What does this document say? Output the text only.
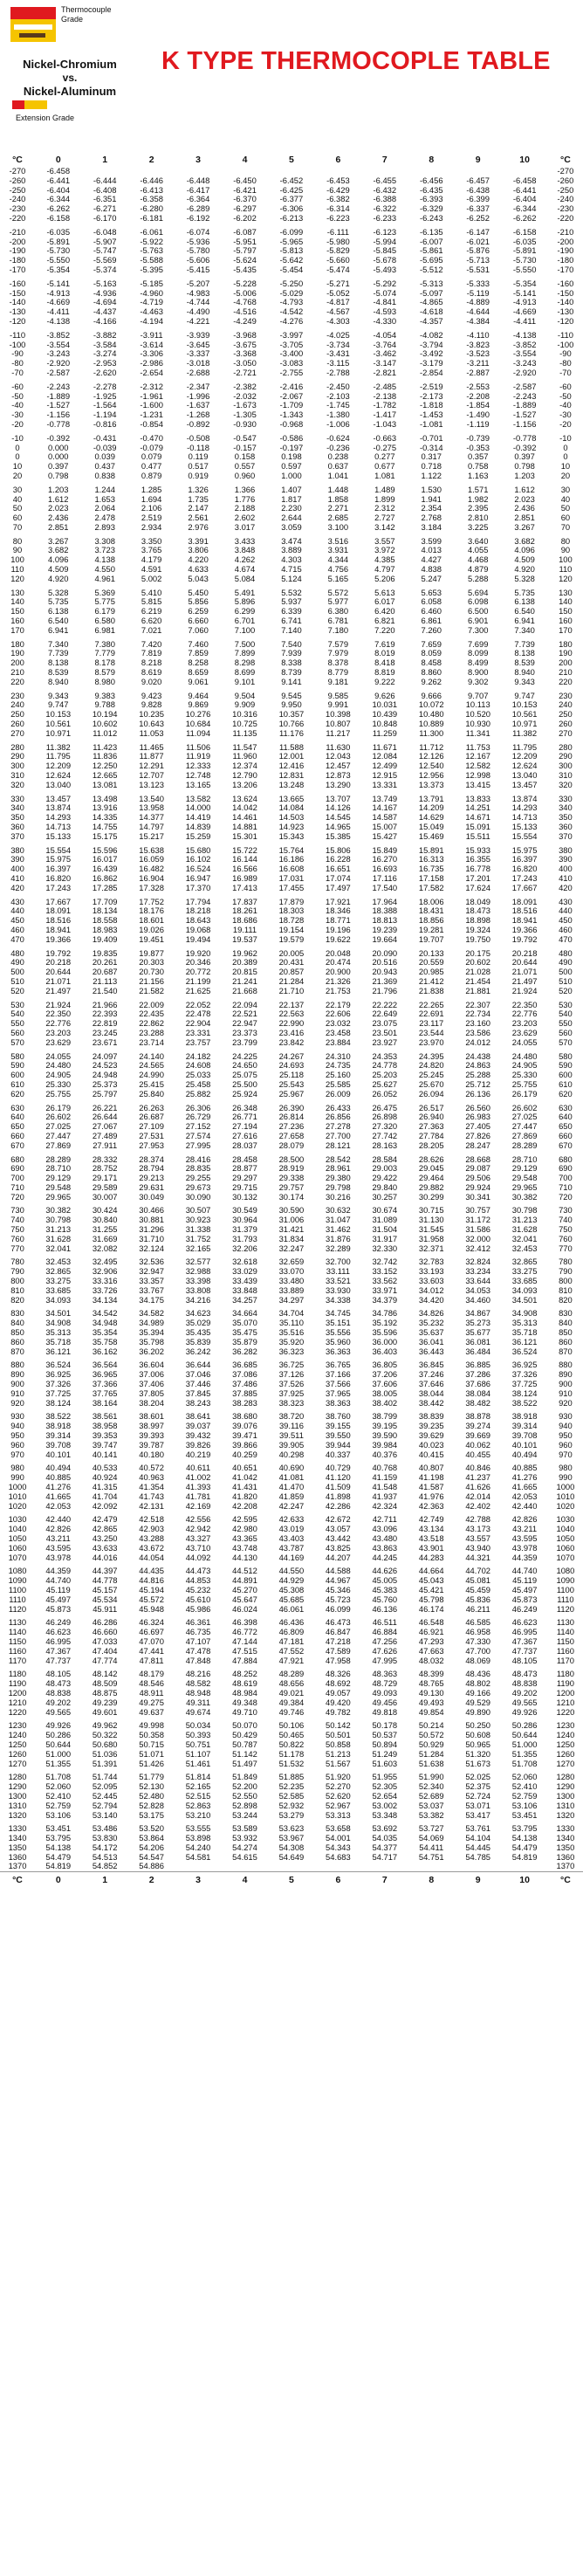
Thermocouple Grade
Nickel-Chromium
vs.
Nickel-Aluminum
Extension Grade
K TYPE THERMOCOPLE TABLE
°C	0	1	2	3	4	5	6	7	8	9	10	°C
-270	-6.458											-270
-260	-6.441	-6.444	-6.446	-6.448	-6.450	-6.452	-6.453	-6.455	-6.456	-6.457	-6.458	-260
-250	-6.404	-6.408	-6.413	-6.417	-6.421	-6.425	-6.429	-6.432	-6.435	-6.438	-6.441	-250
-240	-6.344	-6.351	-6.358	-6.364	-6.370	-6.377	-6.382	-6.388	-6.393	-6.399	-6.404	-240
-230	-6.262	-6.271	-6.280	-6.289	-6.297	-6.306	-6.314	-6.322	-6.329	-6.337	-6.344	-230
-220	-6.158	-6.170	-6.181	-6.192	-6.202	-6.213	-6.223	-6.233	-6.243	-6.252	-6.262	-220
-210	-6.035	-6.048	-6.061	-6.074	-6.087	-6.099	-6.111	-6.123	-6.135	-6.147	-6.158	-210
-200	-5.891	-5.907	-5.922	-5.936	-5.951	-5.965	-5.980	-5.994	-6.007	-6.021	-6.035	-200
-190	-5.730	-5.747	-5.763	-5.780	-5.797	-5.813	-5.829	-5.845	-5.861	-5.876	-5.891	-190
-180	-5.550	-5.569	-5.588	-5.606	-5.624	-5.642	-5.660	-5.678	-5.695	-5.713	-5.730	-180
-170	-5.354	-5.374	-5.395	-5.415	-5.435	-5.454	-5.474	-5.493	-5.512	-5.531	-5.550	-170
-160	-5.141	-5.163	-5.185	-5.207	-5.228	-5.250	-5.271	-5.292	-5.313	-5.333	-5.354	-160
-150	-4.913	-4.936	-4.960	-4.983	-5.006	-5.029	-5.052	-5.074	-5.097	-5.119	-5.141	-150
-140	-4.669	-4.694	-4.719	-4.744	-4.768	-4.793	-4.817	-4.841	-4.865	-4.889	-4.913	-140
-130	-4.411	-4.437	-4.463	-4.490	-4.516	-4.542	-4.567	-4.593	-4.618	-4.644	-4.669	-130
-120	-4.138	-4.166	-4.194	-4.221	-4.249	-4.276	-4.303	-4.330	-4.357	-4.384	-4.411	-120
-110	-3.852	-3.882	-3.911	-3.939	-3.968	-3.997	-4.025	-4.054	-4.082	-4.110	-4.138	-110
-100	-3.554	-3.584	-3.614	-3.645	-3.675	-3.705	-3.734	-3.764	-3.794	-3.823	-3.852	-100
-90	-3.243	-3.274	-3.306	-3.337	-3.368	-3.400	-3.431	-3.462	-3.492	-3.523	-3.554	-90
-80	-2.920	-2.953	-2.986	-3.018	-3.050	-3.083	-3.115	-3.147	-3.179	-3.211	-3.243	-80
-70	-2.587	-2.620	-2.654	-2.688	-2.721	-2.755	-2.788	-2.821	-2.854	-2.887	-2.920	-70
-60	-2.243	-2.278	-2.312	-2.347	-2.382	-2.416	-2.450	-2.485	-2.519	-2.553	-2.587	-60
-50	-1.889	-1.925	-1.961	-1.996	-2.032	-2.067	-2.103	-2.138	-2.173	-2.208	-2.243	-50
-40	-1.527	-1.564	-1.600	-1.637	-1.673	-1.709	-1.745	-1.782	-1.818	-1.854	-1.889	-40
-30	-1.156	-1.194	-1.231	-1.268	-1.305	-1.343	-1.380	-1.417	-1.453	-1.490	-1.527	-30
-20	-0.778	-0.816	-0.854	-0.892	-0.930	-0.968	-1.006	-1.043	-1.081	-1.119	-1.156	-20
-10	-0.392	-0.431	-0.470	-0.508	-0.547	-0.586	-0.624	-0.663	-0.701	-0.739	-0.778	-10
0	0.000	-0.039	-0.079	-0.118	-0.157	-0.197	-0.236	-0.275	-0.314	-0.353	-0.392	0
0	0.000	0.039	0.079	0.119	0.158	0.198	0.238	0.277	0.317	0.357	0.397	0
10	0.397	0.437	0.477	0.517	0.557	0.597	0.637	0.677	0.718	0.758	0.798	10
20	0.798	0.838	0.879	0.919	0.960	1.000	1.041	1.081	1.122	1.163	1.203	20
30	1.203	1.244	1.285	1.326	1.366	1.407	1.448	1.489	1.530	1.571	1.612	30
40	1.612	1.653	1.694	1.735	1.776	1.817	1.858	1.899	1.941	1.982	2.023	40
50	2.023	2.064	2.106	2.147	2.188	2.230	2.271	2.312	2.354	2.395	2.436	50
60	2.436	2.478	2.519	2.561	2.602	2.644	2.685	2.727	2.768	2.810	2.851	60
70	2.851	2.893	2.934	2.976	3.017	3.059	3.100	3.142	3.184	3.225	3.267	70
80	3.267	3.308	3.350	3.391	3.433	3.474	3.516	3.557	3.599	3.640	3.682	80
90	3.682	3.723	3.765	3.806	3.848	3.889	3.931	3.972	4.013	4.055	4.096	90
100	4.096	4.138	4.179	4.220	4.262	4.303	4.344	4.385	4.427	4.468	4.509	100
110	4.509	4.550	4.591	4.633	4.674	4.715	4.756	4.797	4.838	4.879	4.920	110
120	4.920	4.961	5.002	5.043	5.084	5.124	5.165	5.206	5.247	5.288	5.328	120
130	5.328	5.369	5.410	5.450	5.491	5.532	5.572	5.613	5.653	5.694	5.735	130
140	5.735	5.775	5.815	5.856	5.896	5.937	5.977	6.017	6.058	6.098	6.138	140
150	6.138	6.179	6.219	6.259	6.299	6.339	6.380	6.420	6.460	6.500	6.540	150
160	6.540	6.580	6.620	6.660	6.701	6.741	6.781	6.821	6.861	6.901	6.941	160
170	6.941	6.981	7.021	7.060	7.100	7.140	7.180	7.220	7.260	7.300	7.340	170
180	7.340	7.380	7.420	7.460	7.500	7.540	7.579	7.619	7.659	7.699	7.739	180
190	7.739	7.779	7.819	7.859	7.899	7.939	7.979	8.019	8.059	8.099	8.138	190
200	8.138	8.178	8.218	8.258	8.298	8.338	8.378	8.418	8.458	8.499	8.539	200
210	8.539	8.579	8.619	8.659	8.699	8.739	8.779	8.819	8.860	8.900	8.940	210
220	8.940	8.980	9.020	9.061	9.101	9.141	9.181	9.222	9.262	9.302	9.343	220
230	9.343	9.383	9.423	9.464	9.504	9.545	9.585	9.626	9.666	9.707	9.747	230
240	9.747	9.788	9.828	9.869	9.909	9.950	9.991	10.031	10.072	10.113	10.153	240
250	10.153	10.194	10.235	10.276	10.316	10.357	10.398	10.439	10.480	10.520	10.561	250
260	10.561	10.602	10.643	10.684	10.725	10.766	10.807	10.848	10.889	10.930	10.971	260
270	10.971	11.012	11.053	11.094	11.135	11.176	11.217	11.259	11.300	11.341	11.382	270
280	11.382	11.423	11.465	11.506	11.547	11.588	11.630	11.671	11.712	11.753	11.795	280
290	11.795	11.836	11.877	11.919	11.960	12.001	12.043	12.084	12.126	12.167	12.209	290
300	12.209	12.250	12.291	12.333	12.374	12.416	12.457	12.499	12.540	12.582	12.624	300
310	12.624	12.665	12.707	12.748	12.790	12.831	12.873	12.915	12.956	12.998	13.040	310
320	13.040	13.081	13.123	13.165	13.206	13.248	13.290	13.331	13.373	13.415	13.457	320
330	13.457	13.498	13.540	13.582	13.624	13.665	13.707	13.749	13.791	13.833	13.874	330
340	13.874	13.916	13.958	14.000	14.042	14.084	14.126	14.167	14.209	14.251	14.293	340
350	14.293	14.335	14.377	14.419	14.461	14.503	14.545	14.587	14.629	14.671	14.713	350
360	14.713	14.755	14.797	14.839	14.881	14.923	14.965	15.007	15.049	15.091	15.133	360
370	15.133	15.175	15.217	15.259	15.301	15.343	15.385	15.427	15.469	15.511	15.554	370
380	15.554	15.596	15.638	15.680	15.722	15.764	15.806	15.849	15.891	15.933	15.975	380
390	15.975	16.017	16.059	16.102	16.144	16.186	16.228	16.270	16.313	16.355	16.397	390
400	16.397	16.439	16.482	16.524	16.566	16.608	16.651	16.693	16.735	16.778	16.820	400
410	16.820	16.862	16.904	16.947	16.989	17.031	17.074	17.116	17.158	17.201	17.243	410
420	17.243	17.285	17.328	17.370	17.413	17.455	17.497	17.540	17.582	17.624	17.667	420
430	17.667	17.709	17.752	17.794	17.837	17.879	17.921	17.964	18.006	18.049	18.091	430
440	18.091	18.134	18.176	18.218	18.261	18.303	18.346	18.388	18.431	18.473	18.516	440
450	18.516	18.558	18.601	18.643	18.686	18.728	18.771	18.813	18.856	18.898	18.941	450
460	18.941	18.983	19.026	19.068	19.111	19.154	19.196	19.239	19.281	19.324	19.366	460
470	19.366	19.409	19.451	19.494	19.537	19.579	19.622	19.664	19.707	19.750	19.792	470
480	19.792	19.835	19.877	19.920	19.962	20.005	20.048	20.090	20.133	20.175	20.218	480
490	20.218	20.261	20.303	20.346	20.389	20.431	20.474	20.516	20.559	20.602	20.644	490
500	20.644	20.687	20.730	20.772	20.815	20.857	20.900	20.943	20.985	21.028	21.071	500
510	21.071	21.113	21.156	21.199	21.241	21.284	21.326	21.369	21.412	21.454	21.497	510
520	21.497	21.540	21.582	21.625	21.668	21.710	21.753	21.796	21.838	21.881	21.924	520
530	21.924	21.966	22.009	22.052	22.094	22.137	22.179	22.222	22.265	22.307	22.350	530
540	22.350	22.393	22.435	22.478	22.521	22.563	22.606	22.649	22.691	22.734	22.776	540
550	22.776	22.819	22.862	22.904	22.947	22.990	23.032	23.075	23.117	23.160	23.203	550
560	23.203	23.245	23.288	23.331	23.373	23.416	23.458	23.501	23.544	23.586	23.629	560
570	23.629	23.671	23.714	23.757	23.799	23.842	23.884	23.927	23.970	24.012	24.055	570
580	24.055	24.097	24.140	24.182	24.225	24.267	24.310	24.353	24.395	24.438	24.480	580
590	24.480	24.523	24.565	24.608	24.650	24.693	24.735	24.778	24.820	24.863	24.905	590
600	24.905	24.948	24.990	25.033	25.075	25.118	25.160	25.203	25.245	25.288	25.330	600
610	25.330	25.373	25.415	25.458	25.500	25.543	25.585	25.627	25.670	25.712	25.755	610
620	25.755	25.797	25.840	25.882	25.924	25.967	26.009	26.052	26.094	26.136	26.179	620
630	26.179	26.221	26.263	26.306	26.348	26.390	26.433	26.475	26.517	26.560	26.602	630
640	26.602	26.644	26.687	26.729	26.771	26.814	26.856	26.898	26.940	26.983	27.025	640
650	27.025	27.067	27.109	27.152	27.194	27.236	27.278	27.320	27.363	27.405	27.447	650
660	27.447	27.489	27.531	27.574	27.616	27.658	27.700	27.742	27.784	27.826	27.869	660
670	27.869	27.911	27.953	27.995	28.037	28.079	28.121	28.163	28.205	28.247	28.289	670
680	28.289	28.332	28.374	28.416	28.458	28.500	28.542	28.584	28.626	28.668	28.710	680
690	28.710	28.752	28.794	28.835	28.877	28.919	28.961	29.003	29.045	29.087	29.129	690
700	29.129	29.171	29.213	29.255	29.297	29.338	29.380	29.422	29.464	29.506	29.548	700
710	29.548	29.589	29.631	29.673	29.715	29.757	29.798	29.840	29.882	29.924	29.965	710
720	29.965	30.007	30.049	30.090	30.132	30.174	30.216	30.257	30.299	30.341	30.382	720
730	30.382	30.424	30.466	30.507	30.549	30.590	30.632	30.674	30.715	30.757	30.798	730
740	30.798	30.840	30.881	30.923	30.964	31.006	31.047	31.089	31.130	31.172	31.213	740
750	31.213	31.255	31.296	31.338	31.379	31.421	31.462	31.504	31.545	31.586	31.628	750
760	31.628	31.669	31.710	31.752	31.793	31.834	31.876	31.917	31.958	32.000	32.041	760
770	32.041	32.082	32.124	32.165	32.206	32.247	32.289	32.330	32.371	32.412	32.453	770
780	32.453	32.495	32.536	32.577	32.618	32.659	32.700	32.742	32.783	32.824	32.865	780
790	32.865	32.906	32.947	32.988	33.029	33.070	33.111	33.152	33.193	33.234	33.275	790
800	33.275	33.316	33.357	33.398	33.439	33.480	33.521	33.562	33.603	33.644	33.685	800
810	33.685	33.726	33.767	33.808	33.848	33.889	33.930	33.971	34.012	34.053	34.093	810
820	34.093	34.134	34.175	34.216	34.257	34.297	34.338	34.379	34.420	34.460	34.501	820
830	34.501	34.542	34.582	34.623	34.664	34.704	34.745	34.786	34.826	34.867	34.908	830
840	34.908	34.948	34.989	35.029	35.070	35.110	35.151	35.192	35.232	35.273	35.313	840
850	35.313	35.354	35.394	35.435	35.475	35.516	35.556	35.596	35.637	35.677	35.718	850
860	35.718	35.758	35.798	35.839	35.879	35.920	35.960	36.000	36.041	36.081	36.121	860
870	36.121	36.162	36.202	36.242	36.282	36.323	36.363	36.403	36.443	36.484	36.524	870
880	36.524	36.564	36.604	36.644	36.685	36.725	36.765	36.805	36.845	36.885	36.925	880
890	36.925	36.965	37.006	37.046	37.086	37.126	37.166	37.206	37.246	37.286	37.326	890
900	37.326	37.366	37.406	37.446	37.486	37.526	37.566	37.606	37.646	37.686	37.725	900
910	37.725	37.765	37.805	37.845	37.885	37.925	37.965	38.005	38.044	38.084	38.124	910
920	38.124	38.164	38.204	38.243	38.283	38.323	38.363	38.402	38.442	38.482	38.522	920
930	38.522	38.561	38.601	38.641	38.680	38.720	38.760	38.799	38.839	38.878	38.918	930
940	38.918	38.958	38.997	39.037	39.076	39.116	39.155	39.195	39.235	39.274	39.314	940
950	39.314	39.353	39.393	39.432	39.471	39.511	39.550	39.590	39.629	39.669	39.708	950
960	39.708	39.747	39.787	39.826	39.866	39.905	39.944	39.984	40.023	40.062	40.101	960
970	40.101	40.141	40.180	40.219	40.259	40.298	40.337	40.376	40.415	40.455	40.494	970
980	40.494	40.533	40.572	40.611	40.651	40.690	40.729	40.768	40.807	40.846	40.885	980
990	40.885	40.924	40.963	41.002	41.042	41.081	41.120	41.159	41.198	41.237	41.276	990
1000	41.276	41.315	41.354	41.393	41.431	41.470	41.509	41.548	41.587	41.626	41.665	1000
1010	41.665	41.704	41.743	41.781	41.820	41.859	41.898	41.937	41.976	42.014	42.053	1010
1020	42.053	42.092	42.131	42.169	42.208	42.247	42.286	42.324	42.363	42.402	42.440	1020
1030	42.440	42.479	42.518	42.556	42.595	42.633	42.672	42.711	42.749	42.788	42.826	1030
1040	42.826	42.865	42.903	42.942	42.980	43.019	43.057	43.096	43.134	43.173	43.211	1040
1050	43.211	43.250	43.288	43.327	43.365	43.403	43.442	43.480	43.518	43.557	43.595	1050
1060	43.595	43.633	43.672	43.710	43.748	43.787	43.825	43.863	43.901	43.940	43.978	1060
1070	43.978	44.016	44.054	44.092	44.130	44.169	44.207	44.245	44.283	44.321	44.359	1070
1080	44.359	44.397	44.435	44.473	44.512	44.550	44.588	44.626	44.664	44.702	44.740	1080
1090	44.740	44.778	44.816	44.853	44.891	44.929	44.967	45.005	45.043	45.081	45.119	1090
1100	45.119	45.157	45.194	45.232	45.270	45.308	45.346	45.383	45.421	45.459	45.497	1100
1110	45.497	45.534	45.572	45.610	45.647	45.685	45.723	45.760	45.798	45.836	45.873	1110
1120	45.873	45.911	45.948	45.986	46.024	46.061	46.099	46.136	46.174	46.211	46.249	1120
1130	46.249	46.286	46.324	46.361	46.398	46.436	46.473	46.511	46.548	46.585	46.623	1130
1140	46.623	46.660	46.697	46.735	46.772	46.809	46.847	46.884	46.921	46.958	46.995	1140
1150	46.995	47.033	47.070	47.107	47.144	47.181	47.218	47.256	47.293	47.330	47.367	1150
1160	47.367	47.404	47.441	47.478	47.515	47.552	47.589	47.626	47.663	47.700	47.737	1160
1170	47.737	47.774	47.811	47.848	47.884	47.921	47.958	47.995	48.032	48.069	48.105	1170
1180	48.105	48.142	48.179	48.216	48.252	48.289	48.326	48.363	48.399	48.436	48.473	1180
1190	48.473	48.509	48.546	48.582	48.619	48.656	48.692	48.729	48.765	48.802	48.838	1190
1200	48.838	48.875	48.911	48.948	48.984	49.021	49.057	49.093	49.130	49.166	49.202	1200
1210	49.202	49.239	49.275	49.311	49.348	49.384	49.420	49.456	49.493	49.529	49.565	1210
1220	49.565	49.601	49.637	49.674	49.710	49.746	49.782	49.818	49.854	49.890	49.926	1220
1230	49.926	49.962	49.998	50.034	50.070	50.106	50.142	50.178	50.214	50.250	50.286	1230
1240	50.286	50.322	50.358	50.393	50.429	50.465	50.501	50.537	50.572	50.608	50.644	1240
1250	50.644	50.680	50.715	50.751	50.787	50.822	50.858	50.894	50.929	50.965	51.000	1250
1260	51.000	51.036	51.071	51.107	51.142	51.178	51.213	51.249	51.284	51.320	51.355	1260
1270	51.355	51.391	51.426	51.461	51.497	51.532	51.567	51.603	51.638	51.673	51.708	1270
1280	51.708	51.744	51.779	51.814	51.849	51.885	51.920	51.955	51.990	52.025	52.060	1280
1290	52.060	52.095	52.130	52.165	52.200	52.235	52.270	52.305	52.340	52.375	52.410	1290
1300	52.410	52.445	52.480	52.515	52.550	52.585	52.620	52.654	52.689	52.724	52.759	1300
1310	52.759	52.794	52.828	52.863	52.898	52.932	52.967	53.002	53.037	53.071	53.106	1310
1320	53.106	53.140	53.175	53.210	53.244	53.279	53.313	53.348	53.382	53.417	53.451	1320
1330	53.451	53.486	53.520	53.555	53.589	53.623	53.658	53.692	53.727	53.761	53.795	1330
1340	53.795	53.830	53.864	53.898	53.932	53.967	54.001	54.035	54.069	54.104	54.138	1340
1350	54.138	54.172	54.206	54.240	54.274	54.308	54.343	54.377	54.411	54.445	54.479	1350
1360	54.479	54.513	54.547	54.581	54.615	54.649	54.683	54.717	54.751	54.785	54.819	1360
1370	54.819	54.852	54.886									1370
°C	0	1	2	3	4	5	6	7	8	9	10	°C
